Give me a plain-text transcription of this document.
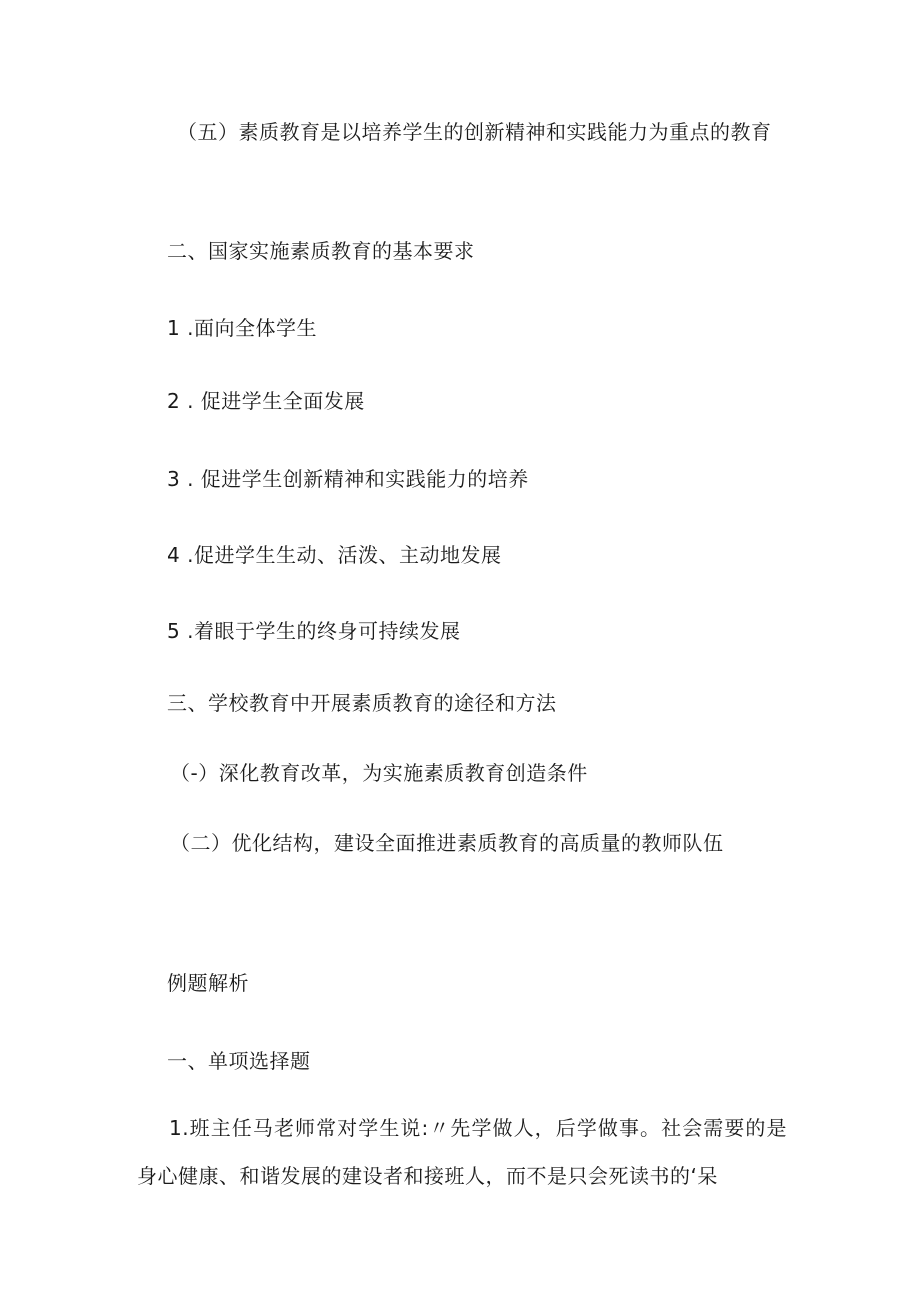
（五）素质教育是以培养学生的创新精神和实践能力为重点的教育
二、国家实施素质教育的基本要求
1 .面向全体学生
2 . 促进学生全面发展
3 . 促进学生创新精神和实践能力的培养
4 .促进学生生动、活泼、主动地发展
5 .着眼于学生的终身可持续发展
三、学校教育中开展素质教育的途径和方法
（-）深化教育改革，为实施素质教育创造条件
（二）优化结构，建设全面推进素质教育的高质量的教师队伍
例题解析
一、单项选择题
1.班主任马老师常对学生说:〃先学做人，后学做事。社会需要的是身心健康、和谐发展的建设者和接班人，而不是只会死读书的‘呆
